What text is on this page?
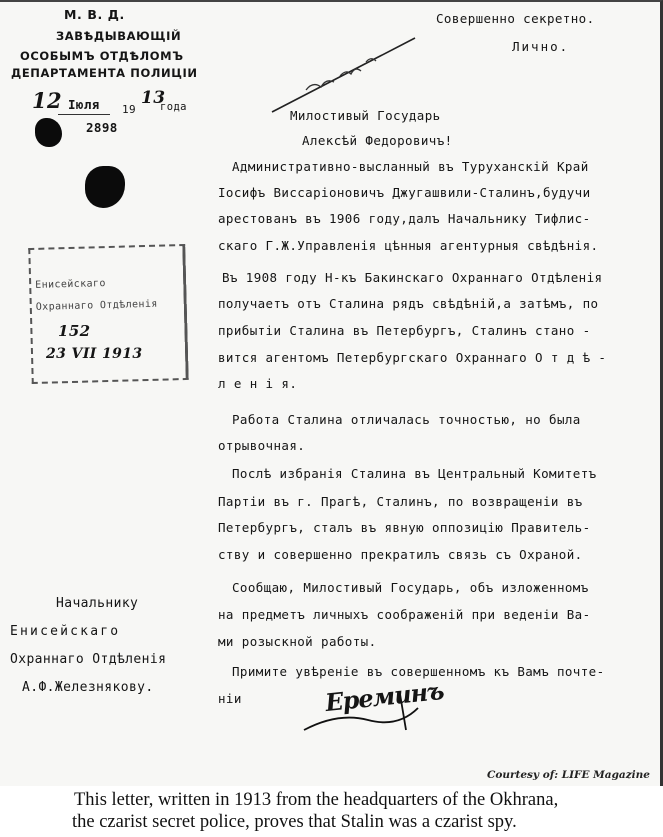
М. В. Д.
ЗАВѢДЫВАЮЩІЙ
ОСОБЫМЪ ОТДѢЛОМЪ
ДЕПАРТАМЕНТА ПОЛИЦІИ
12 Іюля 19
13
года
2898
Енисейскаго
Охраннаго Отдѣленія
152
23 VII 1913
Совершенно секретно.
Лично.
Милостивый Государь
Алексѣй Федоровичъ!
Административно-высланный въ Туруханскій Край
Іосифъ Виссаріоновичъ Джугашвили-Сталинъ,будучи
арестованъ въ 1906 году,далъ Начальнику Тифлис-
скаго Г.Ж.Управленія цѣнныя агентурныя свѣдѣнія.
Въ 1908 году Н-къ Бакинскаго Охраннаго Отдѣленія
получаетъ отъ Сталина рядъ свѣдѣній,а затѣмъ, по
прибытіи Сталина въ Петербургъ, Сталинъ стано -
вится агентомъ Петербургскаго Охраннаго О т д ѣ -
л е н і я.
Работа Сталина отличалась точностью, но была
отрывочная.
Послѣ избранія Сталина въ Центральный Комитетъ
Партіи въ г. Прагѣ, Сталинъ, по возвращеніи въ
Петербургъ, сталъ въ явную оппозицію Правитель-
ству и совершенно прекратилъ связь съ Охраной.
Сообщаю, Милостивый Государь, объ изложенномъ
на предметъ личныхъ соображеній при веденіи Ва-
ми розыскной работы.
Примите увѣреніе въ совершенномъ къ Вамъ почте-
ніи
Начальнику
Енисейскаго
Охраннаго Отдѣленія
А.Ф.Железнякову.	Ереминъ
Courtesy of: LIFE Magazine
This letter, written in 1913 from the headquarters of the Okhrana,
the czarist secret police, proves that Stalin was a czarist spy.
